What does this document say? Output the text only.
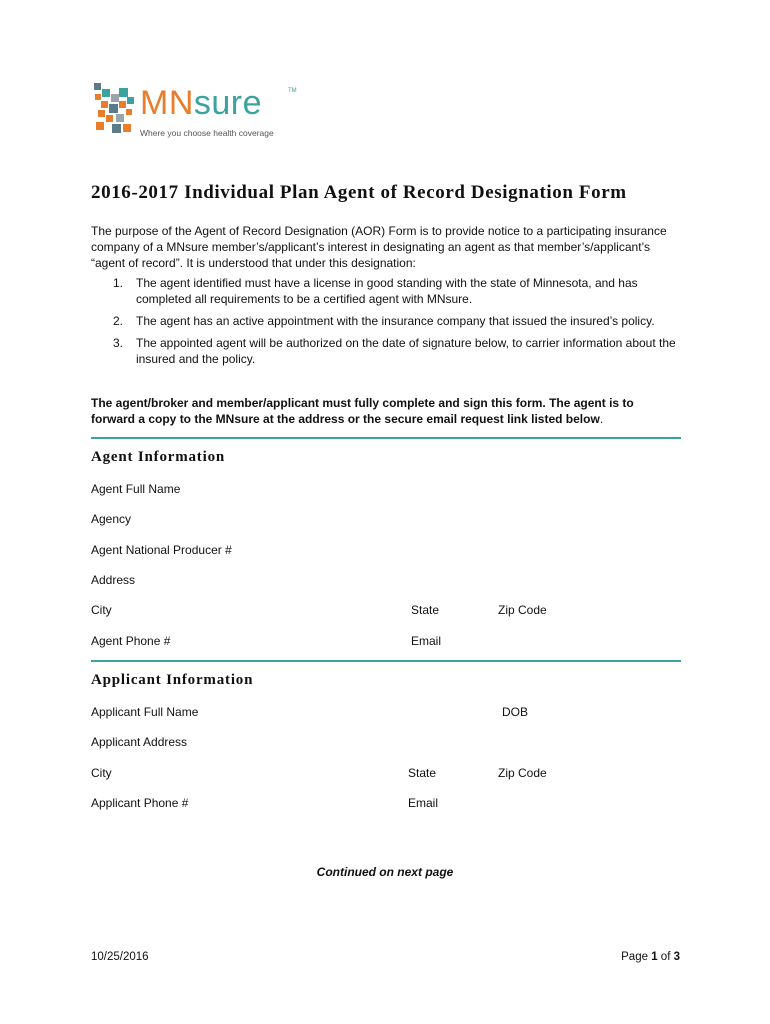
MNsure	TM
Where you choose health coverage
2016-2017 Individual Plan Agent of Record Designation Form

The purpose of the Agent of Record Designation (AOR) Form is to provide notice to a participating insurance company of a MNsure member’s/applicant’s interest in designating an agent as that member’s/applicant’s “agent of record”. It is understood that under this designation:

1. The agent identified must have a license in good standing with the state of Minnesota, and has completed all requirements to be a certified agent with MNsure.
2. The agent has an active appointment with the insurance company that issued the insured’s policy.
3. The appointed agent will be authorized on the date of signature below, to carrier information about the insured and the policy.

The agent/broker and member/applicant must fully complete and sign this form. The agent is to forward a copy to the MNsure at the address or the secure email request link listed below.

Agent Information
Agent Full Name
Agency
Agent National Producer #
Address
City	State	Zip Code
Agent Phone #	Email
Applicant Information
Applicant Full Name	DOB
Applicant Address
City	State	Zip Code
Applicant Phone #	Email
Continued on next page
10/25/2016	Page 1 of 3
